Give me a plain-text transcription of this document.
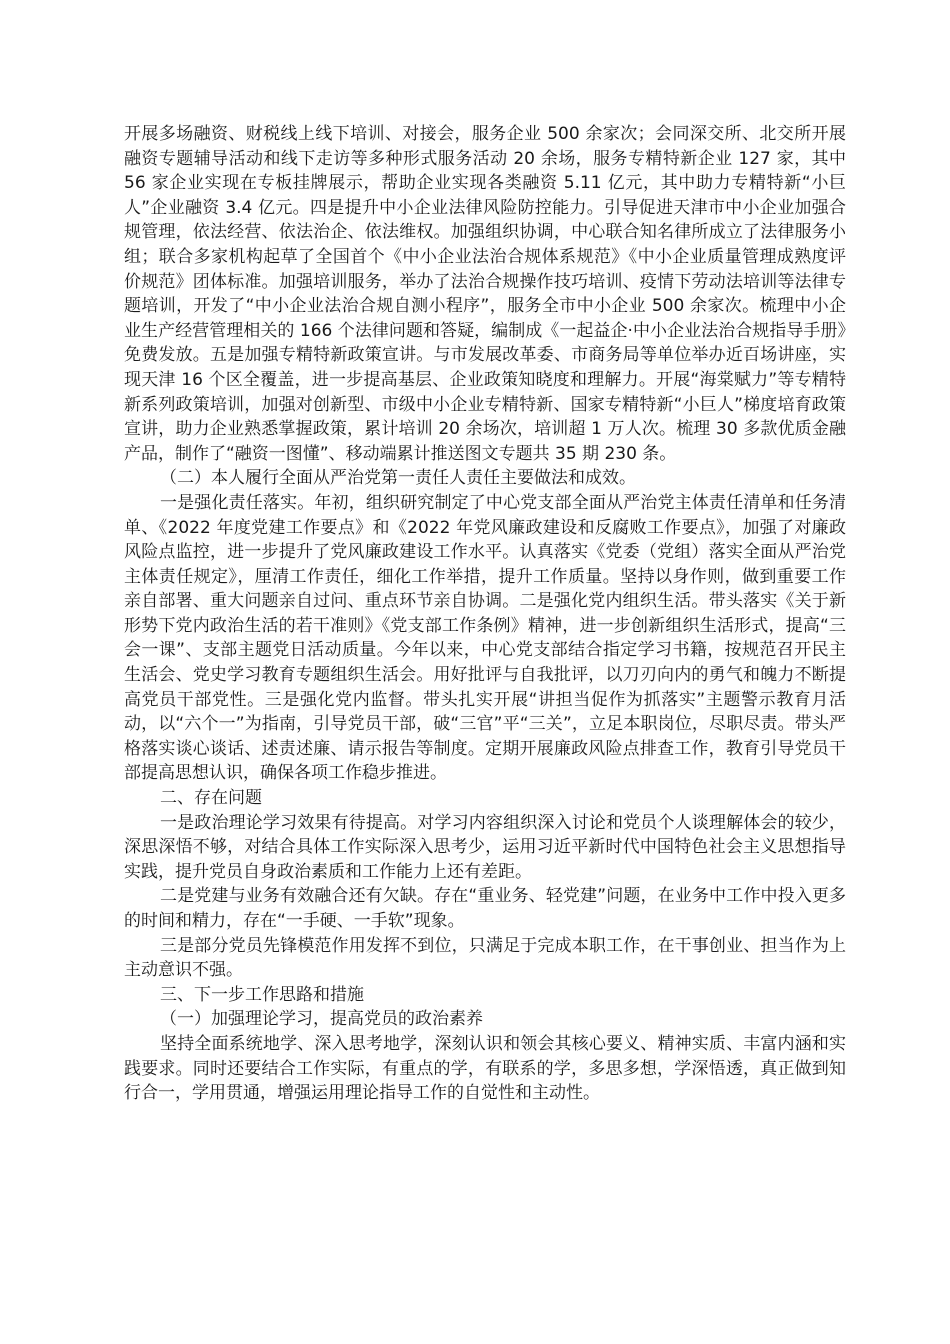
开展多场融资、财税线上线下培训、对接会，服务企业 500 余家次；会同深交所、北交所开展融资专题辅导活动和线下走访等多种形式服务活动 20 余场，服务专精特新企业 127 家，其中 56 家企业实现在专板挂牌展示，帮助企业实现各类融资 5.11 亿元，其中助力专精特新“小巨人”企业融资 3.4 亿元。四是提升中小企业法律风险防控能力。引导促进天津市中小企业加强合规管理，依法经营、依法治企、依法维权。加强组织协调，中心联合知名律所成立了法律服务小组；联合多家机构起草了全国首个《中小企业法治合规体系规范》《中小企业质量管理成熟度评价规范》团体标准。加强培训服务，举办了法治合规操作技巧培训、疫情下劳动法培训等法律专题培训，开发了“中小企业法治合规自测小程序”，服务全市中小企业 500 余家次。梳理中小企业生产经营管理相关的 166 个法律问题和答疑，编制成《一起益企·中小企业法治合规指导手册》免费发放。五是加强专精特新政策宣讲。与市发展改革委、市商务局等单位举办近百场讲座，实现天津 16 个区全覆盖，进一步提高基层、企业政策知晓度和理解力。开展“海棠赋力”等专精特新系列政策培训，加强对创新型、市级中小企业专精特新、国家专精特新“小巨人”梯度培育政策宣讲，助力企业熟悉掌握政策，累计培训 20 余场次，培训超 1 万人次。梳理 30 多款优质金融产品，制作了“融资一图懂”、移动端累计推送图文专题共 35 期 230 条。

（二）本人履行全面从严治党第一责任人责任主要做法和成效。

一是强化责任落实。年初，组织研究制定了中心党支部全面从严治党主体责任清单和任务清单、《2022 年度党建工作要点》和《2022 年党风廉政建设和反腐败工作要点》，加强了对廉政风险点监控，进一步提升了党风廉政建设工作水平。认真落实《党委（党组）落实全面从严治党主体责任规定》，厘清工作责任，细化工作举措，提升工作质量。坚持以身作则，做到重要工作亲自部署、重大问题亲自过问、重点环节亲自协调。二是强化党内组织生活。带头落实《关于新形势下党内政治生活的若干准则》《党支部工作条例》精神，进一步创新组织生活形式，提高“三会一课”、支部主题党日活动质量。今年以来，中心党支部结合指定学习书籍，按规范召开民主生活会、党史学习教育专题组织生活会。用好批评与自我批评，以刀刃向内的勇气和魄力不断提高党员干部党性。三是强化党内监督。带头扎实开展“讲担当促作为抓落实”主题警示教育月活动，以“六个一”为指南，引导党员干部，破“三官”平“三关”，立足本职岗位，尽职尽责。带头严格落实谈心谈话、述责述廉、请示报告等制度。定期开展廉政风险点排查工作，教育引导党员干部提高思想认识，确保各项工作稳步推进。

二、存在问题

一是政治理论学习效果有待提高。对学习内容组织深入讨论和党员个人谈理解体会的较少，深思深悟不够，对结合具体工作实际深入思考少，运用习近平新时代中国特色社会主义思想指导实践，提升党员自身政治素质和工作能力上还有差距。

二是党建与业务有效融合还有欠缺。存在“重业务、轻党建”问题，在业务中工作中投入更多的时间和精力，存在“一手硬、一手软”现象。

三是部分党员先锋模范作用发挥不到位，只满足于完成本职工作，在干事创业、担当作为上主动意识不强。

三、下一步工作思路和措施

（一）加强理论学习，提高党员的政治素养

坚持全面系统地学、深入思考地学，深刻认识和领会其核心要义、精神实质、丰富内涵和实践要求。同时还要结合工作实际，有重点的学，有联系的学，多思多想，学深悟透，真正做到知行合一，学用贯通，增强运用理论指导工作的自觉性和主动性。
